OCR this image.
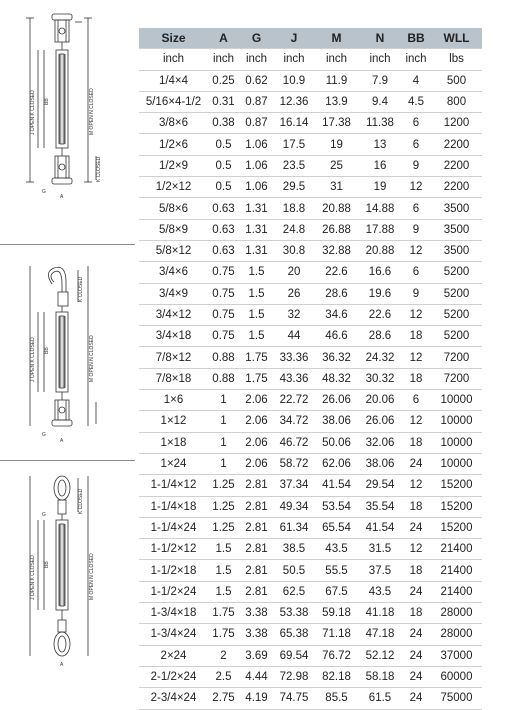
J OPEN K CLOSED BB	M OPEN N CLOSED
K CLOSED
G
A
J OPEN K CLOSED BB	M OPEN N CLOSED
K CLOSED
G
A
J OPEN K CLOSED BB	M OPEN N CLOSED
K CLOSED
G
A
Size	A	G	J	M	N	BB	WLL
inch	inch	inch	inch	inch	inch	inch	lbs
1/4×4	0.25	0.62	10.9	11.9	7.9	4	500
5/16×4-1/2	0.31	0.87	12.36	13.9	9.4	4.5	800
3/8×6	0.38	0.87	16.14	17.38	11.38	6	1200
1/2×6	0.5	1.06	17.5	19	13	6	2200
1/2×9	0.5	1.06	23.5	25	16	9	2200
1/2×12	0.5	1.06	29.5	31	19	12	2200
5/8×6	0.63	1.31	18.8	20.88	14.88	6	3500
5/8×9	0.63	1.31	24.8	26.88	17.88	9	3500
5/8×12	0.63	1.31	30.8	32.88	20.88	12	3500
3/4×6	0.75	1.5	20	22.6	16.6	6	5200
3/4×9	0.75	1.5	26	28.6	19.6	9	5200
3/4×12	0.75	1.5	32	34.6	22.6	12	5200
3/4×18	0.75	1.5	44	46.6	28.6	18	5200
7/8×12	0.88	1.75	33.36	36.32	24.32	12	7200
7/8×18	0.88	1.75	43.36	48.32	30.32	18	7200
1×6	1	2.06	22.72	26.06	20.06	6	10000
1×12	1	2.06	34.72	38.06	26.06	12	10000
1×18	1	2.06	46.72	50.06	32.06	18	10000
1×24	1	2.06	58.72	62.06	38.06	24	10000
1-1/4×12	1.25	2.81	37.34	41.54	29.54	12	15200
1-1/4×18	1.25	2.81	49.34	53.54	35.54	18	15200
1-1/4×24	1.25	2.81	61.34	65.54	41.54	24	15200
1-1/2×12	1.5	2.81	38.5	43.5	31.5	12	21400
1-1/2×18	1.5	2.81	50.5	55.5	37.5	18	21400
1-1/2×24	1.5	2.81	62.5	67.5	43.5	24	21400
1-3/4×18	1.75	3.38	53.38	59.18	41.18	18	28000
1-3/4×24	1.75	3.38	65.38	71.18	47.18	24	28000
2×24	2	3.69	69.54	76.72	52.12	24	37000
2-1/2×24	2.5	4.44	72.98	82.18	58.18	24	60000
2-3/4×24	2.75	4.19	74.75	85.5	61.5	24	75000
